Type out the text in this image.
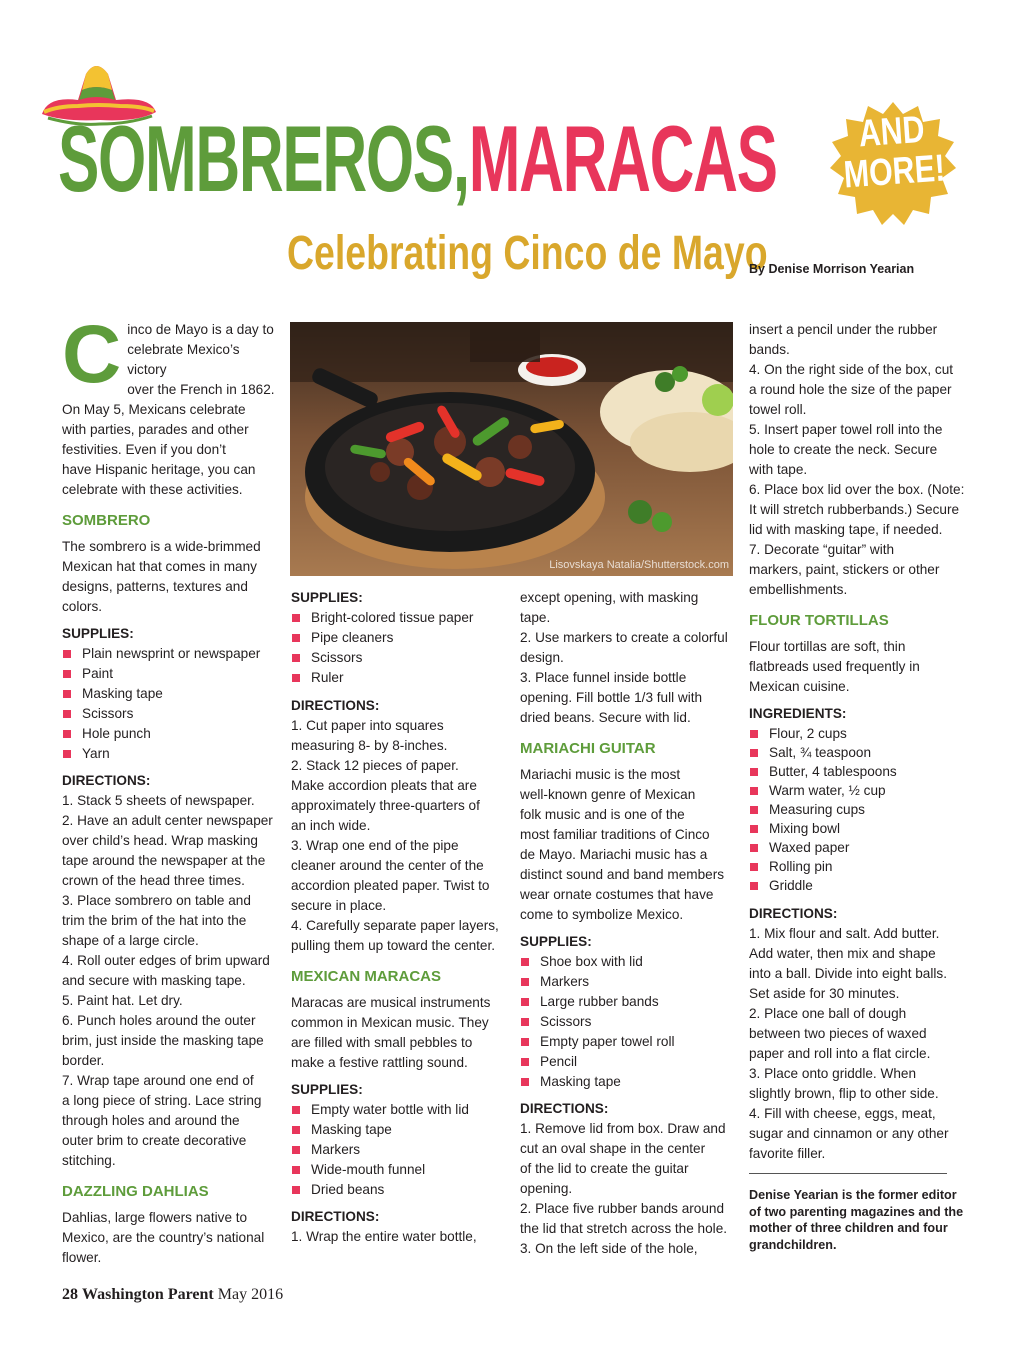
SOMBREROS,MARACAS	AND
MORE!
Celebrating Cinco de Mayo
By Denise Morrison Yearian
C inco de Mayo is a day to

celebrate Mexico’s victory

over the French in 1862.

On May 5, Mexicans celebrate

with parties, parades and other

festivities. Even if you don’t

have Hispanic heritage, you can

celebrate with these activities.

SOMBRERO

The sombrero is a wide-brimmed

Mexican hat that comes in many

designs, patterns, textures and

colors.

SUPPLIES:

Plain newsprint or newspaper
Paint
Masking tape
Scissors
Hole punch
Yarn

DIRECTIONS:

1. Stack 5 sheets of newspaper.

2. Have an adult center newspaper

over child’s head. Wrap masking

tape around the newspaper at the

crown of the head three times.

3. Place sombrero on table and

trim the brim of the hat into the

shape of a large circle.

4. Roll outer edges of brim upward

and secure with masking tape.

5. Paint hat. Let dry.

6. Punch holes around the outer

brim, just inside the masking tape

border.

7. Wrap tape around one end of

a long piece of string. Lace string

through holes and around the

outer brim to create decorative

stitching.

DAZZLING DAHLIAS

Dahlias, large flowers native to

Mexico, are the country’s national

flower.

Lisovskaya Natalia/Shutterstock.com

SUPPLIES:

Bright-colored tissue paper
Pipe cleaners
Scissors
Ruler

DIRECTIONS:

1. Cut paper into squares

measuring 8- by 8-inches.

2. Stack 12 pieces of paper.

Make accordion pleats that are

approximately three-quarters of

an inch wide.

3. Wrap one end of the pipe

cleaner around the center of the

accordion pleated paper. Twist to

secure in place.

4. Carefully separate paper layers,

pulling them up toward the center.

MEXICAN MARACAS

Maracas are musical instruments

common in Mexican music. They

are filled with small pebbles to

make a festive rattling sound.

SUPPLIES:

Empty water bottle with lid
Masking tape
Markers
Wide-mouth funnel
Dried beans

DIRECTIONS:

1. Wrap the entire water bottle,

except opening, with masking

tape.

2. Use markers to create a colorful

design.

3. Place funnel inside bottle

opening. Fill bottle 1/3 full with

dried beans. Secure with lid.

MARIACHI GUITAR

Mariachi music is the most

well-known genre of Mexican

folk music and is one of the

most familiar traditions of Cinco

de Mayo. Mariachi music has a

distinct sound and band members

wear ornate costumes that have

come to symbolize Mexico.

SUPPLIES:

Shoe box with lid
Markers
Large rubber bands
Scissors
Empty paper towel roll
Pencil
Masking tape

DIRECTIONS:

1. Remove lid from box. Draw and

cut an oval shape in the center

of the lid to create the guitar

opening.

2. Place five rubber bands around

the lid that stretch across the hole.

3. On the left side of the hole,

insert a pencil under the rubber

bands.

4. On the right side of the box, cut

a round hole the size of the paper

towel roll.

5. Insert paper towel roll into the

hole to create the neck. Secure

with tape.

6. Place box lid over the box. (Note:

It will stretch rubberbands.) Secure

lid with masking tape, if needed.

7. Decorate “guitar” with

markers, paint, stickers or other

embellishments.

FLOUR TORTILLAS

Flour tortillas are soft, thin

flatbreads used frequently in

Mexican cuisine.

INGREDIENTS:

Flour, 2 cups
Salt, ¾ teaspoon
Butter, 4 tablespoons
Warm water, ½ cup
Measuring cups
Mixing bowl
Waxed paper
Rolling pin
Griddle

DIRECTIONS:

1. Mix flour and salt. Add butter.

Add water, then mix and shape

into a ball. Divide into eight balls.

Set aside for 30 minutes.

2. Place one ball of dough

between two pieces of waxed

paper and roll into a flat circle.

3. Place onto griddle. When

slightly brown, flip to other side.

4. Fill with cheese, eggs, meat,

sugar and cinnamon or any other

favorite filler.

Denise Yearian is the former editor of two parenting magazines and the mother of three children and four grandchildren.
28 Washington Parent May 2016
